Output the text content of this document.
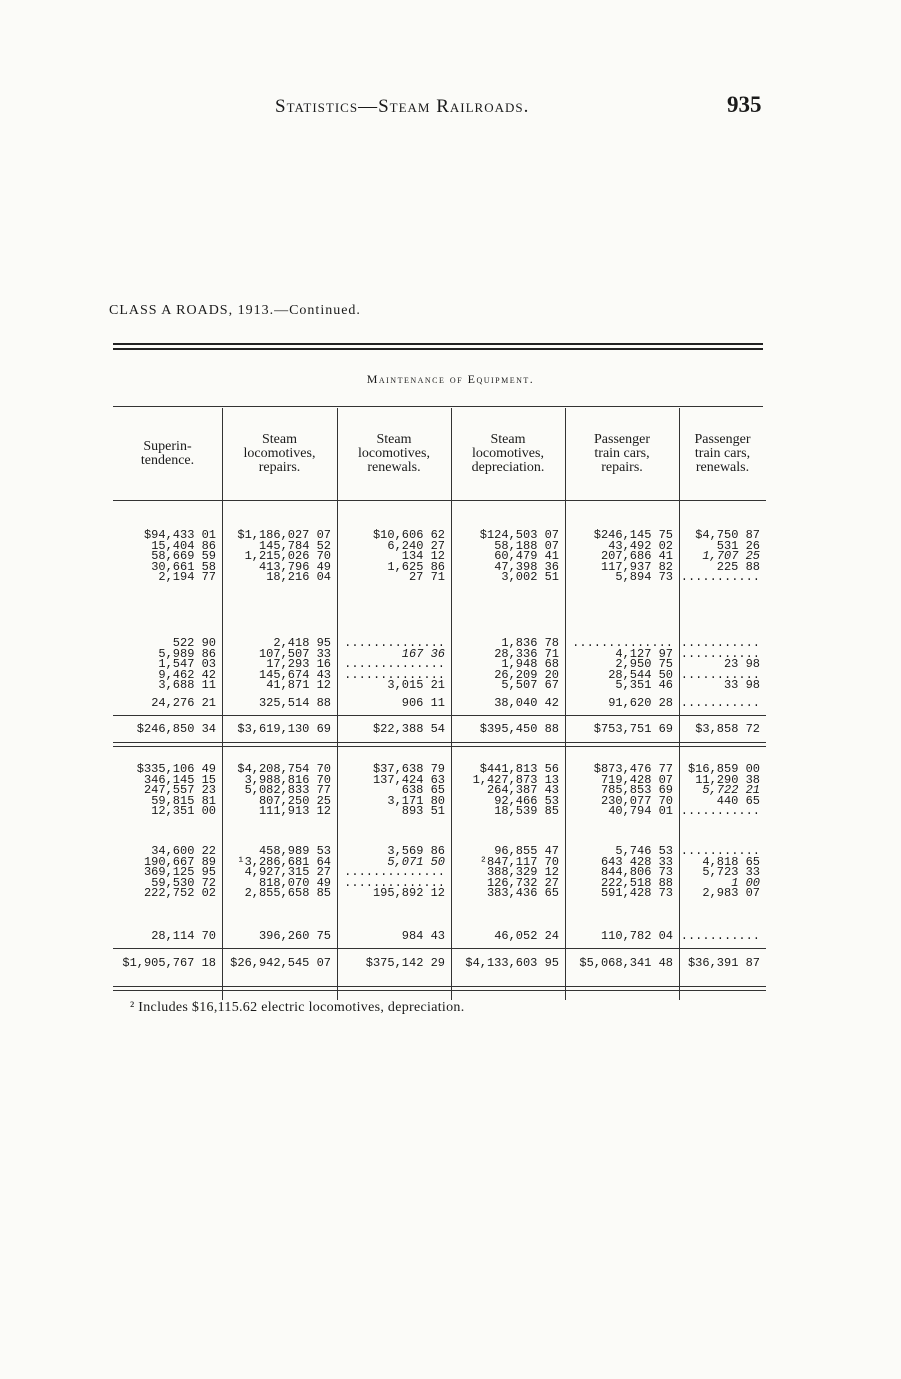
Statistics—Steam Railroads.	935
CLASS A ROADS, 1913.—Continued.
Maintenance of Equipment.
Superin-
tendence.
Steam
locomotives,
repairs.
Steam
locomotives,
renewals.
Steam
locomotives,
depreciation.
Passenger
train cars,
repairs.
Passenger
train cars,
renewals.
$94,433 01
15,404 86
58,669 59
30,661 58
2,194 77
$1,186,027 07
145,784 52
1,215,026 70
413,796 49
18,216 04
$10,606 62
6,240 27
134 12
1,625 86
27 71
$124,503 07
58,188 07
60,479 41
47,398 36
3,002 51
$246,145 75
43,492 02
207,686 41
117,937 82
5,894 73
$4,750 87
531 26
1,707 25
225 88
...........
522 90
5,989 86
1,547 03
9,462 42
3,688 11
2,418 95
107,507 33
17,293 16
145,674 43
41,871 12
..............
167 36
..............
..............
3,015 21
1,836 78
28,336 71
1,948 68
26,209 20
5,507 67
..............
4,127 97
2,950 75
28,544 50
5,351 46
...........
...........
23 98
...........
33 98
24,276 21
$246,850 34
325,514 88
$3,619,130 69
906 11
$22,388 54
38,040 42
$395,450 88
91,620 28
$753,751 69
...........
$3,858 72
$335,106 49
346,145 15
247,557 23
59,815 81
12,351 00
$4,208,754 70
3,988,816 70
5,082,833 77
807,250 25
111,913 12
$37,638 79
137,424 63
638 65
3,171 80
893 51
$441,813 56
1,427,873 13
264,387 43
92,466 53
18,539 85
$873,476 77
719,428 07
785,853 69
230,077 70
40,794 01
$16,859 00
11,290 38
5,722 21
440 65
...........
34,600 22
190,667 89
369,125 95
59,530 72
222,752 02
458,989 53
¹3,286,681 64
4,927,315 27
818,070 49
2,855,658 85
3,569 86
5,071 50
..............
..............
195,892 12
96,855 47
²847,117 70
388,329 12
126,732 27
383,436 65
5,746 53
643 428 33
844,806 73
222,518 88
591,428 73
...........
4,818 65
5,723 33
1 00
2,983 07
28,114 70
$1,905,767 18
396,260 75
$26,942,545 07
984 43
$375,142 29
46,052 24
$4,133,603 95
110,782 04
$5,068,341 48
...........
$36,391 87
² Includes $16,115.62 electric locomotives, depreciation.
